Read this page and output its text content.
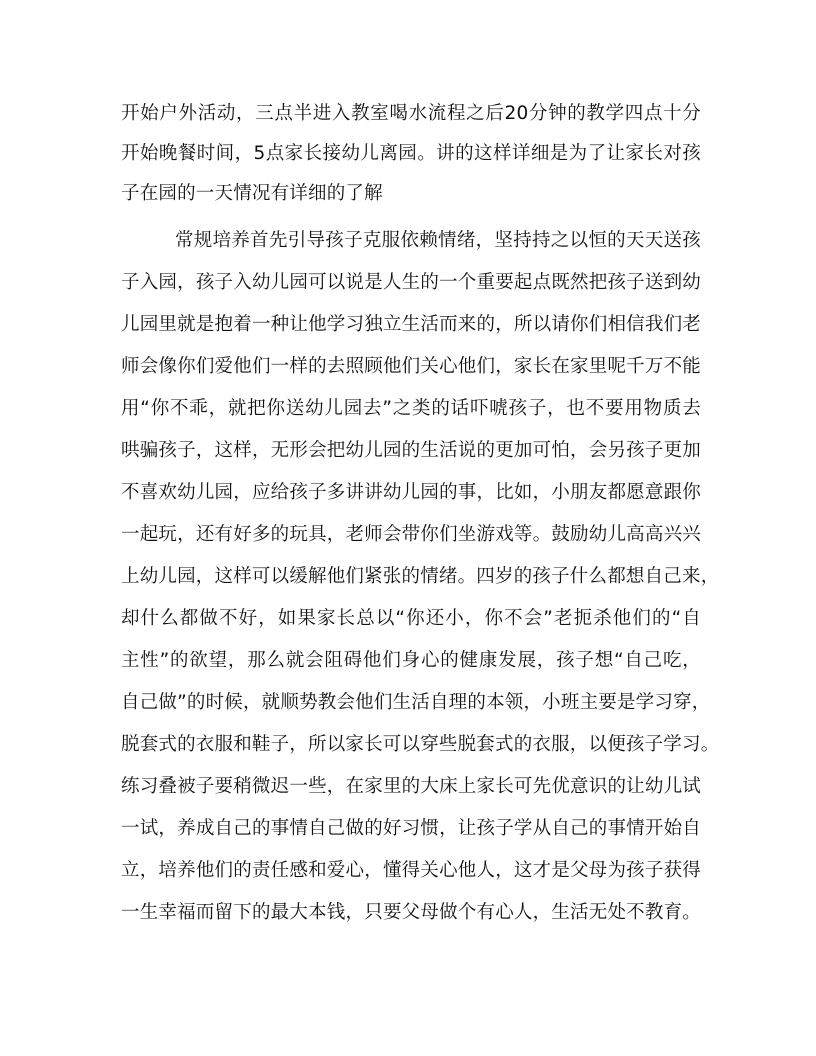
开始户外活动，三点半进入教室喝水流程之后20分钟的教学四点十分
开始晚餐时间，5点家长接幼儿离园。讲的这样详细是为了让家长对孩
子在园的一天情况有详细的了解
常规培养首先引导孩子克服依赖情绪，坚持持之以恒的天天送孩
子入园，孩子入幼儿园可以说是人生的一个重要起点既然把孩子送到幼
儿园里就是抱着一种让他学习独立生活而来的，所以请你们相信我们老
师会像你们爱他们一样的去照顾他们关心他们，家长在家里呢千万不能
用“你不乖，就把你送幼儿园去”之类的话吓唬孩子，也不要用物质去
哄骗孩子，这样，无形会把幼儿园的生活说的更加可怕，会另孩子更加
不喜欢幼儿园，应给孩子多讲讲幼儿园的事，比如，小朋友都愿意跟你
一起玩，还有好多的玩具，老师会带你们坐游戏等。鼓励幼儿高高兴兴
上幼儿园，这样可以缓解他们紧张的情绪。四岁的孩子什么都想自己来，
却什么都做不好，如果家长总以“你还小，你不会”老扼杀他们的“自
主性”的欲望，那么就会阻碍他们身心的健康发展，孩子想“自己吃，
自己做”的时候，就顺势教会他们生活自理的本领，小班主要是学习穿，
脱套式的衣服和鞋子，所以家长可以穿些脱套式的衣服，以便孩子学习。
练习叠被子要稍微迟一些，在家里的大床上家长可先优意识的让幼儿试
一试，养成自己的事情自己做的好习惯，让孩子学从自己的事情开始自
立，培养他们的责任感和爱心，懂得关心他人，这才是父母为孩子获得
一生幸福而留下的最大本钱，只要父母做个有心人，生活无处不教育。
